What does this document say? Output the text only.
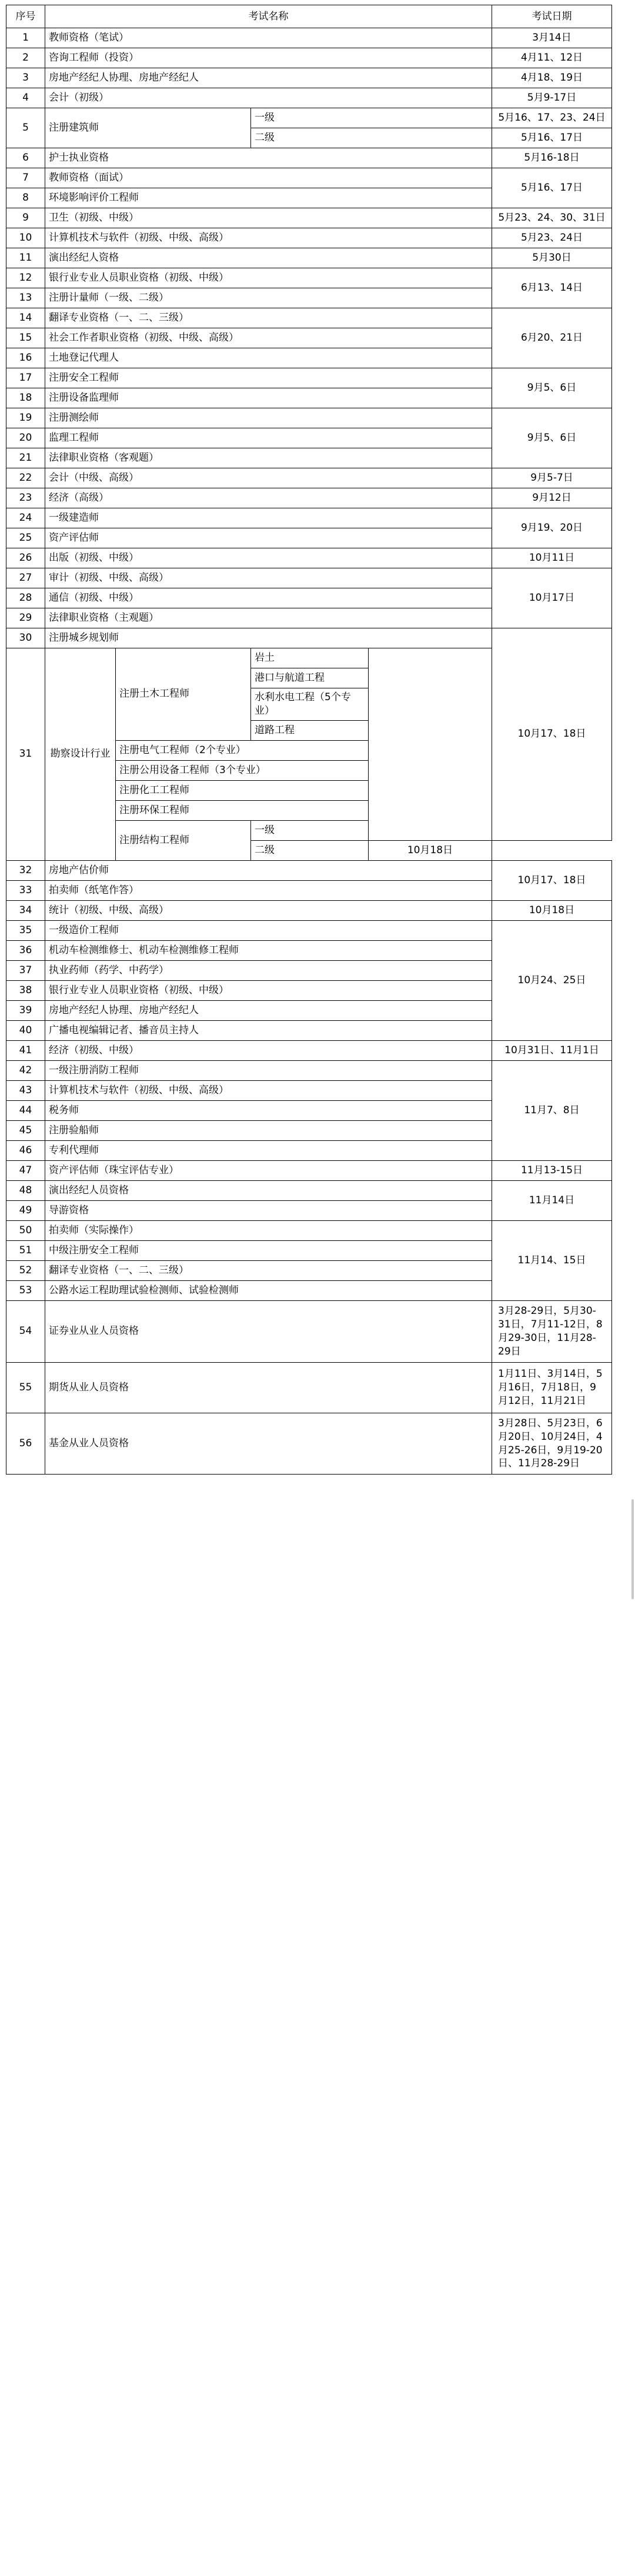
序号	考试名称				考试日期
1	教师资格（笔试）				3月14日
2	咨询工程师（投资）				4月11、12日
3	房地产经纪人协理、房地产经纪人				4月18、19日
4	会计（初级）				5月9-17日
5	注册建筑师		一级		5月16、17、23、24日
			二级		5月16、17日
6	护士执业资格				5月16-18日
7	教师资格（面试）				5月16、17日
8	环境影响评价工程师				
9	卫生（初级、中级）				5月23、24、30、31日
10	计算机技术与软件（初级、中级、高级）				5月23、24日
11	演出经纪人资格				5月30日
12	银行业专业人员职业资格（初级、中级）				6月13、14日
13	注册计量师（一级、二级）				
14	翻译专业资格（一、二、三级）				6月20、21日
15	社会工作者职业资格（初级、中级、高级）				
16	土地登记代理人				
17	注册安全工程师				9月5、6日
18	注册设备监理师				
19	注册测绘师				9月5、6日
20	监理工程师				
21	法律职业资格（客观题）				
22	会计（中级、高级）				9月5-7日
23	经济（高级）				9月12日
24	一级建造师				9月19、20日
25	资产评估师				
26	出版（初级、中级）				10月11日
27	审计（初级、中级、高级）				10月17日
28	通信（初级、中级）				
29	法律职业资格（主观题）				
30	注册城乡规划师				10月17、18日
31	勘察设计行业	注册土木工程师	岩土		
			港口与航道工程		
			水利水电工程（5个专业）		
			道路工程		
		注册电气工程师（2个专业）			
		注册公用设备工程师（3个专业）			
		注册化工工程师			
		注册环保工程师			
		注册结构工程师	一级		
			二级	10月18日	
32	房地产估价师				10月17、18日
33	拍卖师（纸笔作答）				
34	统计（初级、中级、高级）				10月18日
35	一级造价工程师				10月24、25日
36	机动车检测维修士、机动车检测维修工程师				
37	执业药师（药学、中药学）				
38	银行业专业人员职业资格（初级、中级）				
39	房地产经纪人协理、房地产经纪人				
40	广播电视编辑记者、播音员主持人				
41	经济（初级、中级）				10月31日、11月1日
42	一级注册消防工程师				11月7、8日
43	计算机技术与软件（初级、中级、高级）				
44	税务师				
45	注册验船师				
46	专利代理师				
47	资产评估师（珠宝评估专业）				11月13-15日
48	演出经纪人员资格				11月14日
49	导游资格				
50	拍卖师（实际操作）				11月14、15日
51	中级注册安全工程师				
52	翻译专业资格（一、二、三级）				
53	公路水运工程助理试验检测师、试验检测师				
54	证券业从业人员资格				3月28-29日，5月30-31日，7月11-12日，8月29-30日，11月28-29日
55	期货从业人员资格				1月11日、3月14日，5月16日，7月18日，9月12日，11月21日
56	基金从业人员资格				3月28日、5月23日，6月20日、10月24日，4月25-26日，9月19-20日、11月28-29日
